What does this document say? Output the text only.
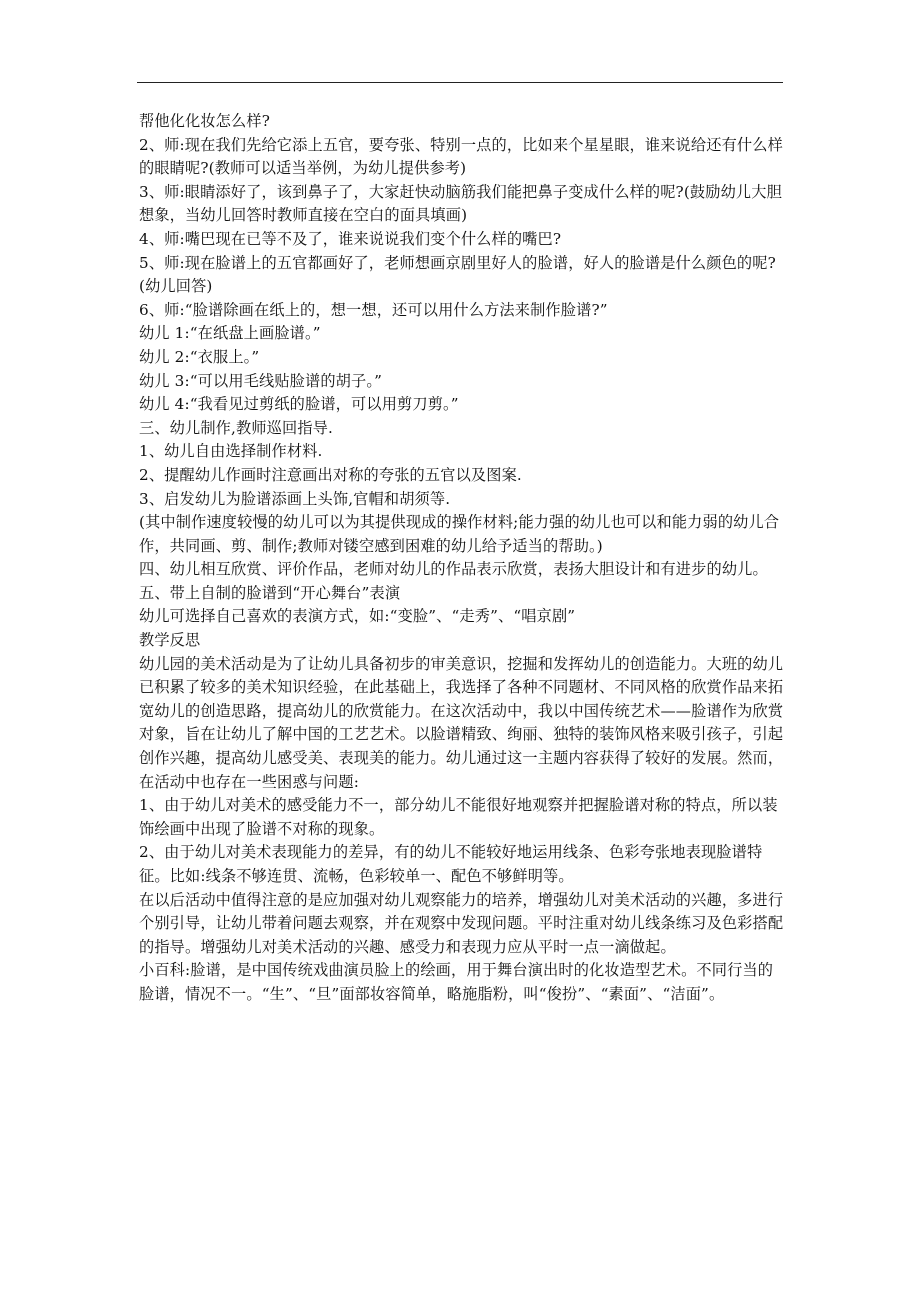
帮他化化妆怎么样?

2、师:现在我们先给它添上五官，要夸张、特别一点的，比如来个星星眼，谁来说给还有什么样的眼睛呢?(教师可以适当举例，为幼儿提供参考)

3、师:眼睛添好了，该到鼻子了，大家赶快动脑筋我们能把鼻子变成什么样的呢?(鼓励幼儿大胆想象，当幼儿回答时教师直接在空白的面具填画)

4、师:嘴巴现在已等不及了，谁来说说我们变个什么样的嘴巴?

5、师:现在脸谱上的五官都画好了，老师想画京剧里好人的脸谱，好人的脸谱是什么颜色的呢?(幼儿回答)

6、师:“脸谱除画在纸上的，想一想，还可以用什么方法来制作脸谱?”

幼儿 1:“在纸盘上画脸谱。”

幼儿 2:“衣服上。”

幼儿 3:“可以用毛线贴脸谱的胡子。”

幼儿 4:“我看见过剪纸的脸谱，可以用剪刀剪。”

三、幼儿制作,教师巡回指导.

1、幼儿自由选择制作材料.

2、提醒幼儿作画时注意画出对称的夸张的五官以及图案.

3、启发幼儿为脸谱添画上头饰,官帽和胡须等.

(其中制作速度较慢的幼儿可以为其提供现成的操作材料;能力强的幼儿也可以和能力弱的幼儿合作，共同画、剪、制作;教师对镂空感到困难的幼儿给予适当的帮助。)

四、幼儿相互欣赏、评价作品，老师对幼儿的作品表示欣赏，表扬大胆设计和有进步的幼儿。

五、带上自制的脸谱到“开心舞台”表演

幼儿可选择自己喜欢的表演方式，如:“变脸”、“走秀”、“唱京剧”

教学反思

幼儿园的美术活动是为了让幼儿具备初步的审美意识，挖掘和发挥幼儿的创造能力。大班的幼儿已积累了较多的美术知识经验，在此基础上，我选择了各种不同题材、不同风格的欣赏作品来拓宽幼儿的创造思路，提高幼儿的欣赏能力。在这次活动中，我以中国传统艺术——脸谱作为欣赏对象，旨在让幼儿了解中国的工艺艺术。以脸谱精致、绚丽、独特的装饰风格来吸引孩子，引起创作兴趣，提高幼儿感受美、表现美的能力。幼儿通过这一主题内容获得了较好的发展。然而，在活动中也存在一些困惑与问题:

1、由于幼儿对美术的感受能力不一，部分幼儿不能很好地观察并把握脸谱对称的特点，所以装饰绘画中出现了脸谱不对称的现象。

2、由于幼儿对美术表现能力的差异，有的幼儿不能较好地运用线条、色彩夸张地表现脸谱特征。比如:线条不够连贯、流畅，色彩较单一、配色不够鲜明等。

在以后活动中值得注意的是应加强对幼儿观察能力的培养，增强幼儿对美术活动的兴趣，多进行个别引导，让幼儿带着问题去观察，并在观察中发现问题。平时注重对幼儿线条练习及色彩搭配的指导。增强幼儿对美术活动的兴趣、感受力和表现力应从平时一点一滴做起。

小百科:脸谱，是中国传统戏曲演员脸上的绘画，用于舞台演出时的化妆造型艺术。不同行当的脸谱，情况不一。“生”、“旦”面部妆容简单，略施脂粉，叫“俊扮”、“素面”、“洁面”。
